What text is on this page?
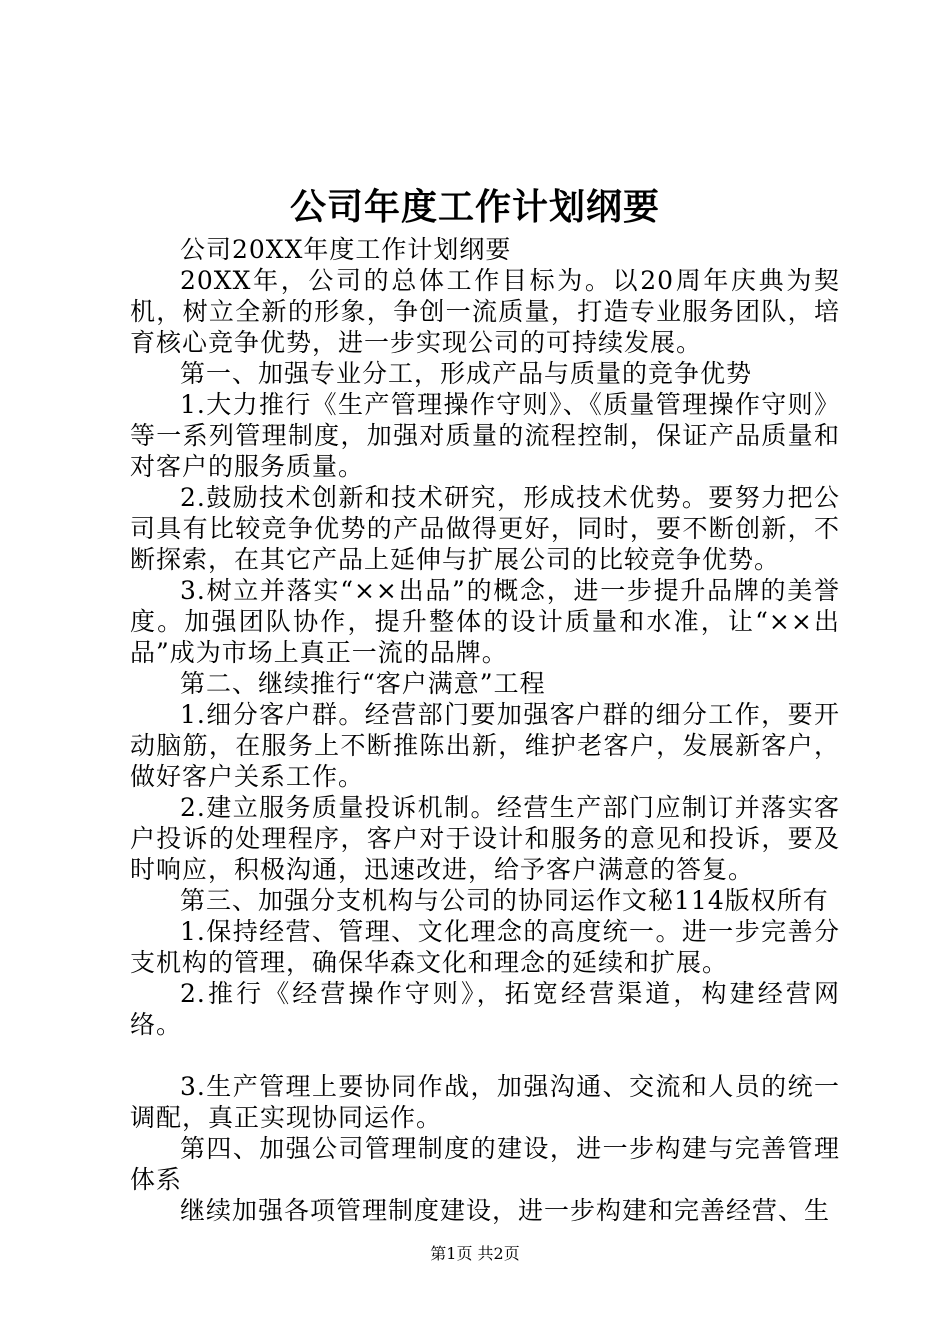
公司年度工作计划纲要

公司20XX年度工作计划纲要

20XX年，公司的总体工作目标为。以20周年庆典为契机，树立全新的形象，争创一流质量，打造专业服务团队，培育核心竞争优势，进一步实现公司的可持续发展。

第一、加强专业分工，形成产品与质量的竞争优势

1.大力推行《生产管理操作守则》、《质量管理操作守则》等一系列管理制度，加强对质量的流程控制，保证产品质量和对客户的服务质量。

2.鼓励技术创新和技术研究，形成技术优势。要努力把公司具有比较竞争优势的产品做得更好，同时，要不断创新，不断探索，在其它产品上延伸与扩展公司的比较竞争优势。

3.树立并落实“××出品”的概念，进一步提升品牌的美誉度。加强团队协作，提升整体的设计质量和水准，让“××出品”成为市场上真正一流的品牌。

第二、继续推行“客户满意”工程

1.细分客户群。经营部门要加强客户群的细分工作，要开动脑筋，在服务上不断推陈出新，维护老客户，发展新客户，做好客户关系工作。

2.建立服务质量投诉机制。经营生产部门应制订并落实客户投诉的处理程序，客户对于设计和服务的意见和投诉，要及时响应，积极沟通，迅速改进，给予客户满意的答复。

第三、加强分支机构与公司的协同运作文秘114版权所有

1.保持经营、管理、文化理念的高度统一。进一步完善分支机构的管理，确保华森文化和理念的延续和扩展。

2.推行《经营操作守则》，拓宽经营渠道，构建经营网络。

3.生产管理上要协同作战，加强沟通、交流和人员的统一调配，真正实现协同运作。

第四、加强公司管理制度的建设，进一步构建与完善管理体系

继续加强各项管理制度建设，进一步构建和完善经营、生

第1页 共2页
